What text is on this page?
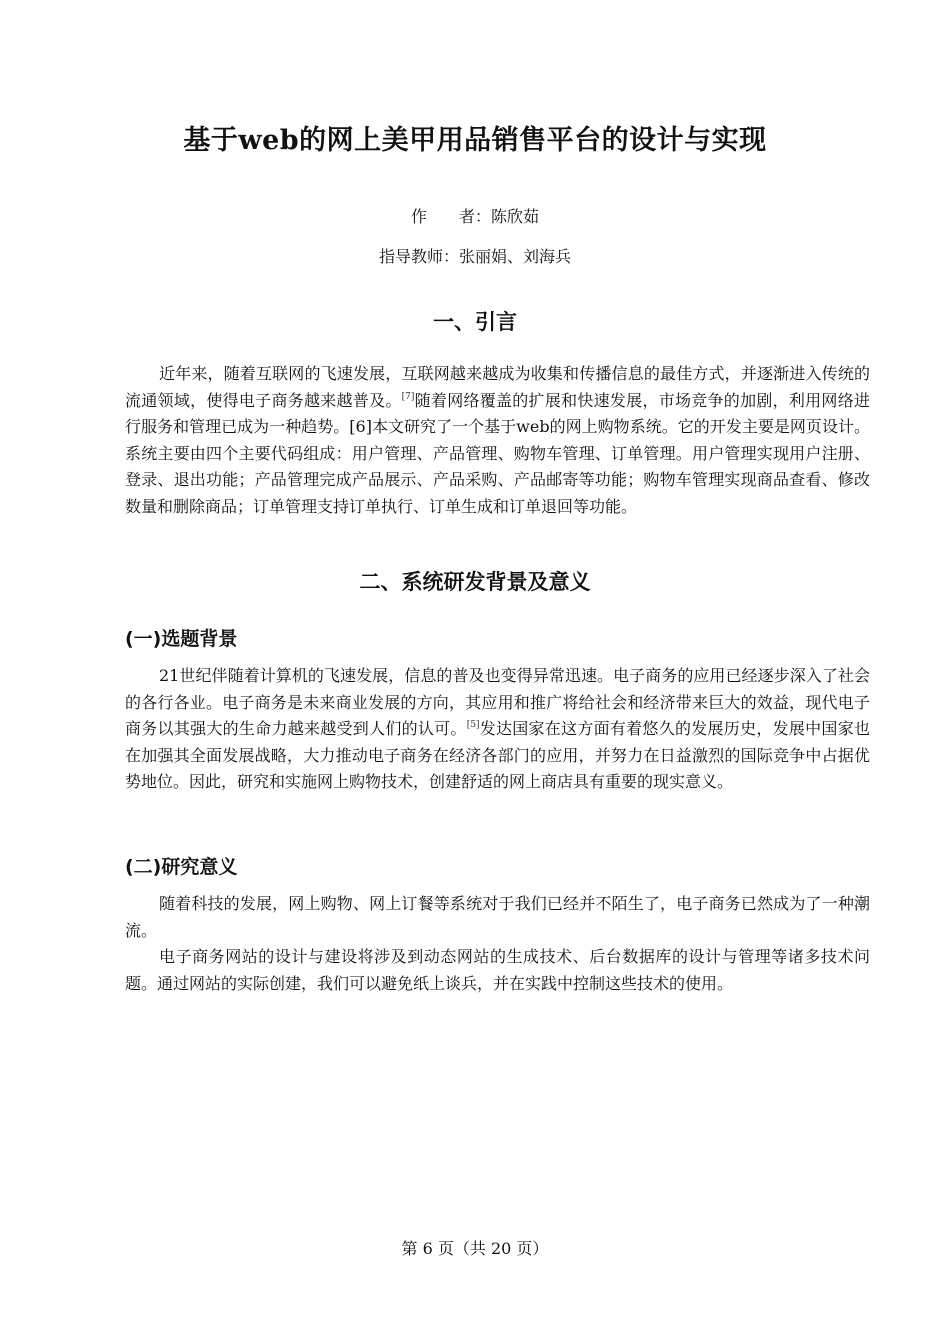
基于web的网上美甲用品销售平台的设计与实现
作　　者：陈欣茹
指导教师：张丽娟、刘海兵
一、引言

近年来，随着互联网的飞速发展，互联网越来越成为收集和传播信息的最佳方式，并逐渐进入传统的流通领域，使得电子商务越来越普及。[7]随着网络覆盖的扩展和快速发展，市场竞争的加剧，利用网络进行服务和管理已成为一种趋势。[6]本文研究了一个基于web的网上购物系统。它的开发主要是网页设计。系统主要由四个主要代码组成：用户管理、产品管理、购物车管理、订单管理。用户管理实现用户注册、登录、退出功能；产品管理完成产品展示、产品采购、产品邮寄等功能；购物车管理实现商品查看、修改数量和删除商品；订单管理支持订单执行、订单生成和订单退回等功能。

二、系统研发背景及意义
(一)选题背景

21世纪伴随着计算机的飞速发展，信息的普及也变得异常迅速。电子商务的应用已经逐步深入了社会的各行各业。电子商务是未来商业发展的方向，其应用和推广将给社会和经济带来巨大的效益，现代电子商务以其强大的生命力越来越受到人们的认可。[5]发达国家在这方面有着悠久的发展历史，发展中国家也在加强其全面发展战略，大力推动电子商务在经济各部门的应用，并努力在日益激烈的国际竞争中占据优势地位。因此，研究和实施网上购物技术，创建舒适的网上商店具有重要的现实意义。

(二)研究意义

随着科技的发展，网上购物、网上订餐等系统对于我们已经并不陌生了，电子商务已然成为了一种潮流。

电子商务网站的设计与建设将涉及到动态网站的生成技术、后台数据库的设计与管理等诸多技术问题。通过网站的实际创建，我们可以避免纸上谈兵，并在实践中控制这些技术的使用。

第 6 页（共 20 页）
